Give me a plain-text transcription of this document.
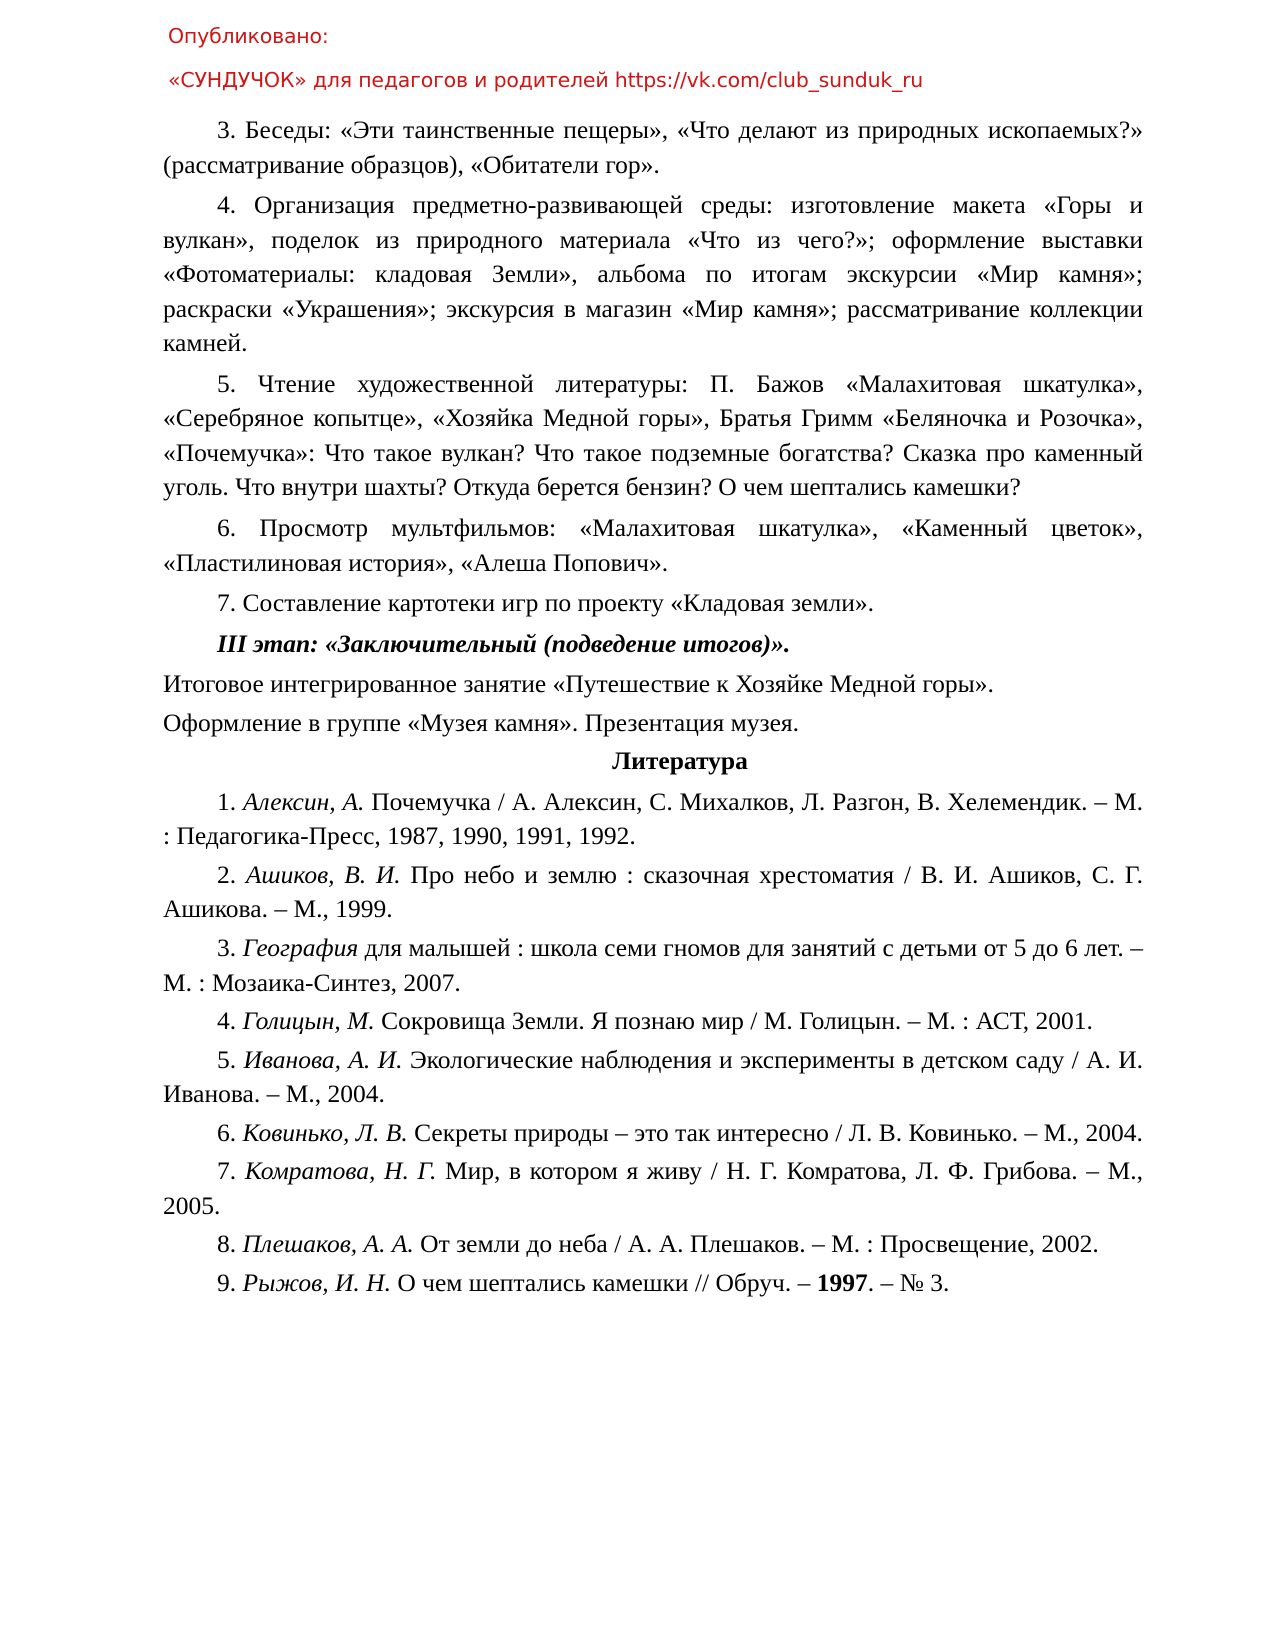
Опубликовано:
«СУНДУЧОК» для педагогов и родителей https://vk.com/club_sunduk_ru

3. Беседы: «Эти таинственные пещеры», «Что делают из природных ископаемых?» (рассматривание образцов), «Обитатели гор».

4. Организация предметно-развивающей среды: изготовление макета «Горы и вулкан», поделок из природного материала «Что из чего?»; оформление выставки «Фотоматериалы: кладовая Земли», альбома по итогам экскурсии «Мир камня»; раскраски «Украшения»; экскурсия в магазин «Мир камня»; рассматривание коллекции камней.

5. Чтение художественной литературы: П. Бажов «Малахитовая шкатулка», «Серебряное копытце», «Хозяйка Медной горы», Братья Гримм «Беляночка и Розочка», «Почемучка»: Что такое вулкан? Что такое подземные богатства? Сказка про каменный уголь. Что внутри шахты? Откуда берется бензин? О чем шептались камешки?

6. Просмотр мультфильмов: «Малахитовая шкатулка», «Каменный цветок», «Пластилиновая история», «Алеша Попович».

7. Составление картотеки игр по проекту «Кладовая земли».

III этап: «Заключительный (подведение итогов)».

Итоговое интегрированное занятие «Путешествие к Хозяйке Медной горы».

Оформление в группе «Музея камня». Презентация музея.

Литература

1. Алексин, А. Почемучка / А. Алексин, С. Михалков, Л. Разгон, В. Хелемендик. – М. : Педагогика-Пресс, 1987, 1990, 1991, 1992.

2. Ашиков, В. И. Про небо и землю : сказочная хрестоматия / В. И. Ашиков, С. Г. Ашикова. – М., 1999.

3. География для малышей : школа семи гномов для занятий с детьми от 5 до 6 лет. – М. : Мозаика-Синтез, 2007.

4. Голицын, М. Сокровища Земли. Я познаю мир / М. Голицын. – М. : АСТ, 2001.

5. Иванова, А. И. Экологические наблюдения и эксперименты в детском саду / А. И. Иванова. – М., 2004.

6. Ковинько, Л. В. Секреты природы – это так интересно / Л. В. Ковинько. – М., 2004.

7. Комратова, Н. Г. Мир, в котором я живу / Н. Г. Комратова, Л. Ф. Грибова. – М., 2005.

8. Плешаков, А. А. От земли до неба / А. А. Плешаков. – М. : Просвещение, 2002.

9. Рыжов, И. Н. О чем шептались камешки // Обруч. – 1997. – № 3.
